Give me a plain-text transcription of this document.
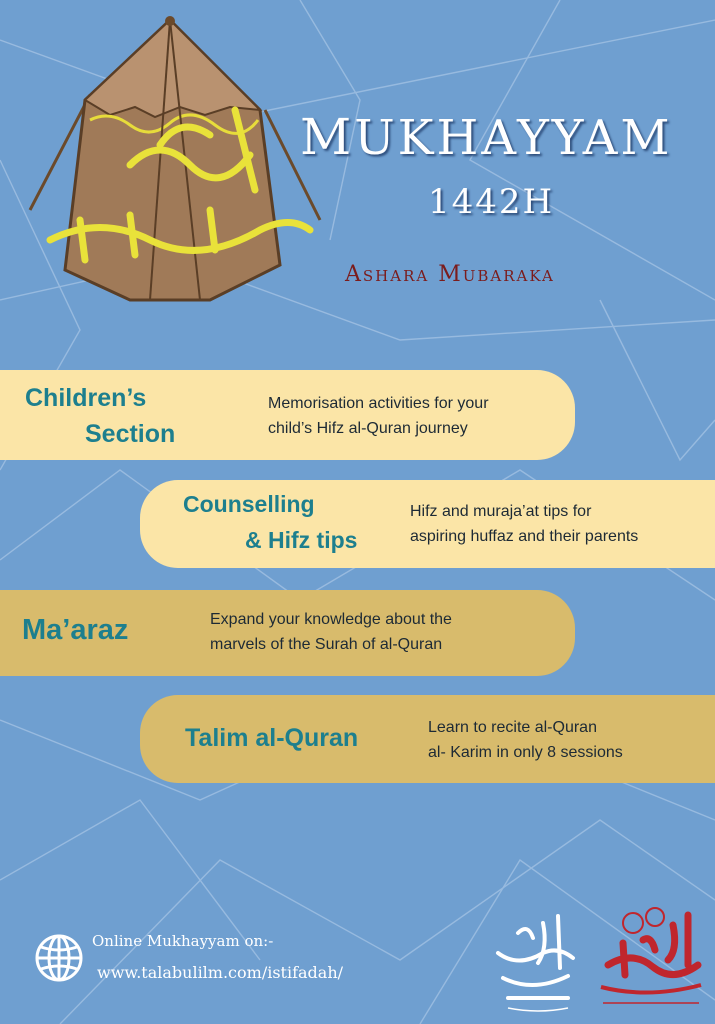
MUKHAYYAM
1442H
Ashara Mubaraka
Children’s
Section
Memorisation activities for your
child’s Hifz al-Quran journey
Counselling
& Hifz tips
Hifz and muraja’at tips for
aspiring huffaz and their parents
Ma’araz	Expand your knowledge about the
marvels of the Surah of al-Quran
Talim al-Quran	Learn to recite al-Quran
al- Karim in only 8 sessions
Online Mukhayyam on:-
www.talabulilm.com/istifadah/
